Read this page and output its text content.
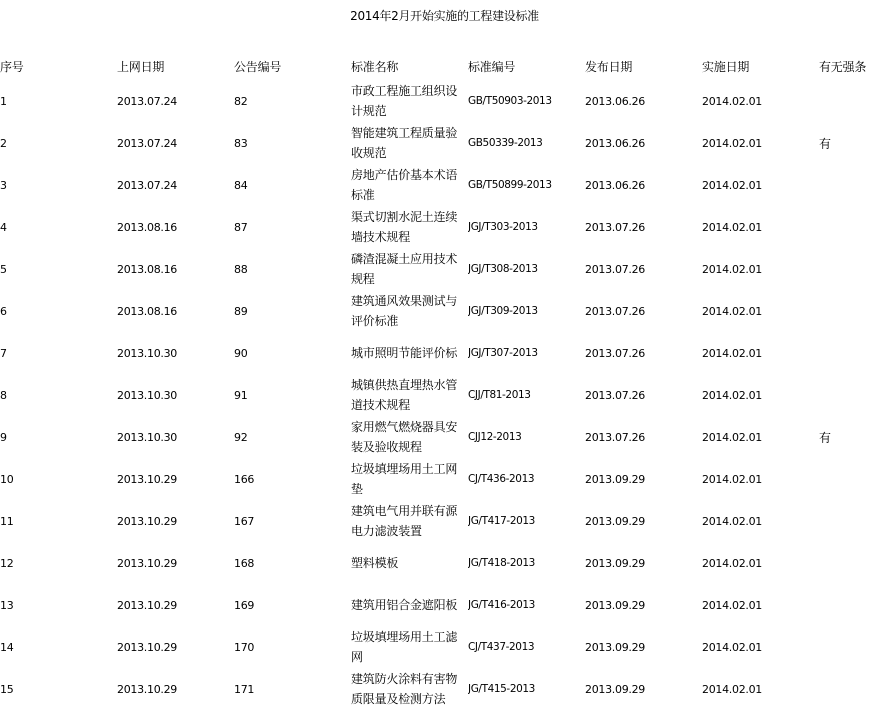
2014年2月开始实施的工程建设标准
序号	上网日期	公告编号	标准名称	标准编号	发布日期	实施日期	有无强条
1	2013.07.24	82	市政工程施工组织设计规范	GB/T50903-2013	2013.06.26	2014.02.01	
2	2013.07.24	83	智能建筑工程质量验收规范	GB50339-2013	2013.06.26	2014.02.01	有
3	2013.07.24	84	房地产估价基本术语标准	GB/T50899-2013	2013.06.26	2014.02.01	
4	2013.08.16	87	渠式切割水泥土连续墙技术规程	JGJ/T303-2013	2013.07.26	2014.02.01	
5	2013.08.16	88	磷渣混凝土应用技术规程	JGJ/T308-2013	2013.07.26	2014.02.01	
6	2013.08.16	89	建筑通风效果测试与评价标准	JGJ/T309-2013	2013.07.26	2014.02.01	
7	2013.10.30	90	城市照明节能评价标	JGJ/T307-2013	2013.07.26	2014.02.01	
8	2013.10.30	91	城镇供热直埋热水管道技术规程	CJJ/T81-2013	2013.07.26	2014.02.01	
9	2013.10.30	92	家用燃气燃烧器具安装及验收规程	CJJ12-2013	2013.07.26	2014.02.01	有
10	2013.10.29	166	垃圾填埋场用土工网垫	CJ/T436-2013	2013.09.29	2014.02.01	
11	2013.10.29	167	建筑电气用并联有源电力滤波装置	JG/T417-2013	2013.09.29	2014.02.01	
12	2013.10.29	168	塑料模板	JG/T418-2013	2013.09.29	2014.02.01	
13	2013.10.29	169	建筑用铝合金遮阳板	JG/T416-2013	2013.09.29	2014.02.01	
14	2013.10.29	170	垃圾填埋场用土工滤网	CJ/T437-2013	2013.09.29	2014.02.01	
15	2013.10.29	171	建筑防火涂料有害物质限量及检测方法	JG/T415-2013	2013.09.29	2014.02.01	
